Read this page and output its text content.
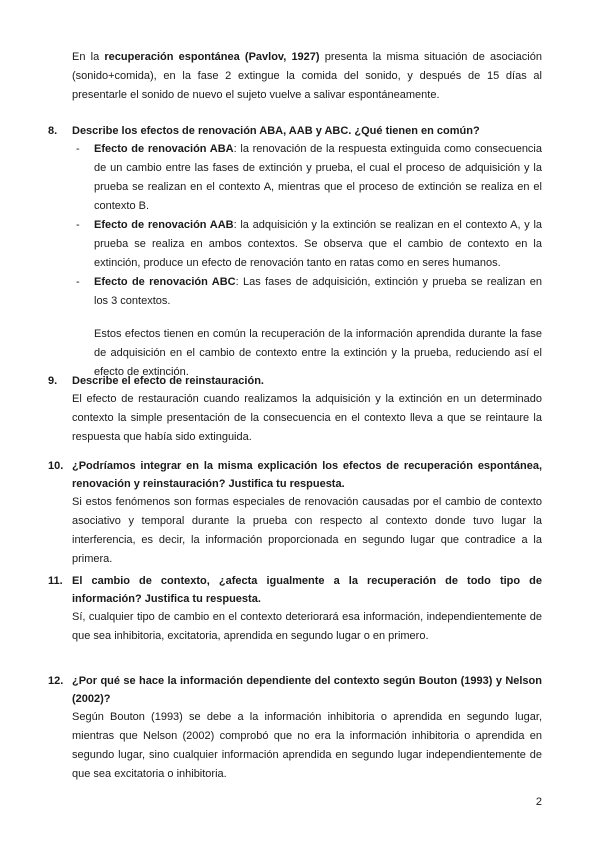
En la recuperación espontánea (Pavlov, 1927) presenta la misma situación de asociación (sonido+comida), en la fase 2 extingue la comida del sonido, y después de 15 días al presentarle el sonido de nuevo el sujeto vuelve a salivar espontáneamente.

8.	Describe los efectos de renovación ABA, AAB y ABC. ¿Qué tienen en común?
-	Efecto de renovación ABA: la renovación de la respuesta extinguida como consecuencia de un cambio entre las fases de extinción y prueba, el cual el proceso de adquisición y la prueba se realizan en el contexto A, mientras que el proceso de extinción se realiza en el contexto B.
-	Efecto de renovación AAB: la adquisición y la extinción se realizan en el contexto A, y la prueba se realiza en ambos contextos. Se observa que el cambio de contexto en la extinción, produce un efecto de renovación tanto en ratas como en seres humanos.
-	Efecto de renovación ABC: Las fases de adquisición, extinción y prueba se realizan en los 3 contextos.

Estos efectos tienen en común la recuperación de la información aprendida durante la fase de adquisición en el cambio de contexto entre la extinción y la prueba, reduciendo así el efecto de extinción.

9.	Describe el efecto de reinstauración.

El efecto de restauración cuando realizamos la adquisición y la extinción en un determinado contexto la simple presentación de la consecuencia en el contexto lleva a que se reintaure la respuesta que había sido extinguida.

10. ¿Podríamos integrar en la misma explicación los efectos de recuperación espontánea, renovación y reinstauración? Justifica tu respuesta.

Si estos fenómenos son formas especiales de renovación causadas por el cambio de contexto asociativo y temporal durante la prueba con respecto al contexto donde tuvo lugar la interferencia, es decir, la información proporcionada en segundo lugar que contradice a la primera.

11. El cambio de contexto, ¿afecta igualmente a la recuperación de todo tipo de información? Justifica tu respuesta.

Sí, cualquier tipo de cambio en el contexto deteriorará esa información, independientemente de que sea inhibitoria, excitatoria, aprendida en segundo lugar o en primero.

12. ¿Por qué se hace la información dependiente del contexto según Bouton (1993) y Nelson (2002)?

Según Bouton (1993) se debe a la información inhibitoria o aprendida en segundo lugar, mientras que Nelson (2002) comprobó que no era la información inhibitoria o aprendida en segundo lugar, sino cualquier información aprendida en segundo lugar independientemente de que sea excitatoria o inhibitoria.

2
